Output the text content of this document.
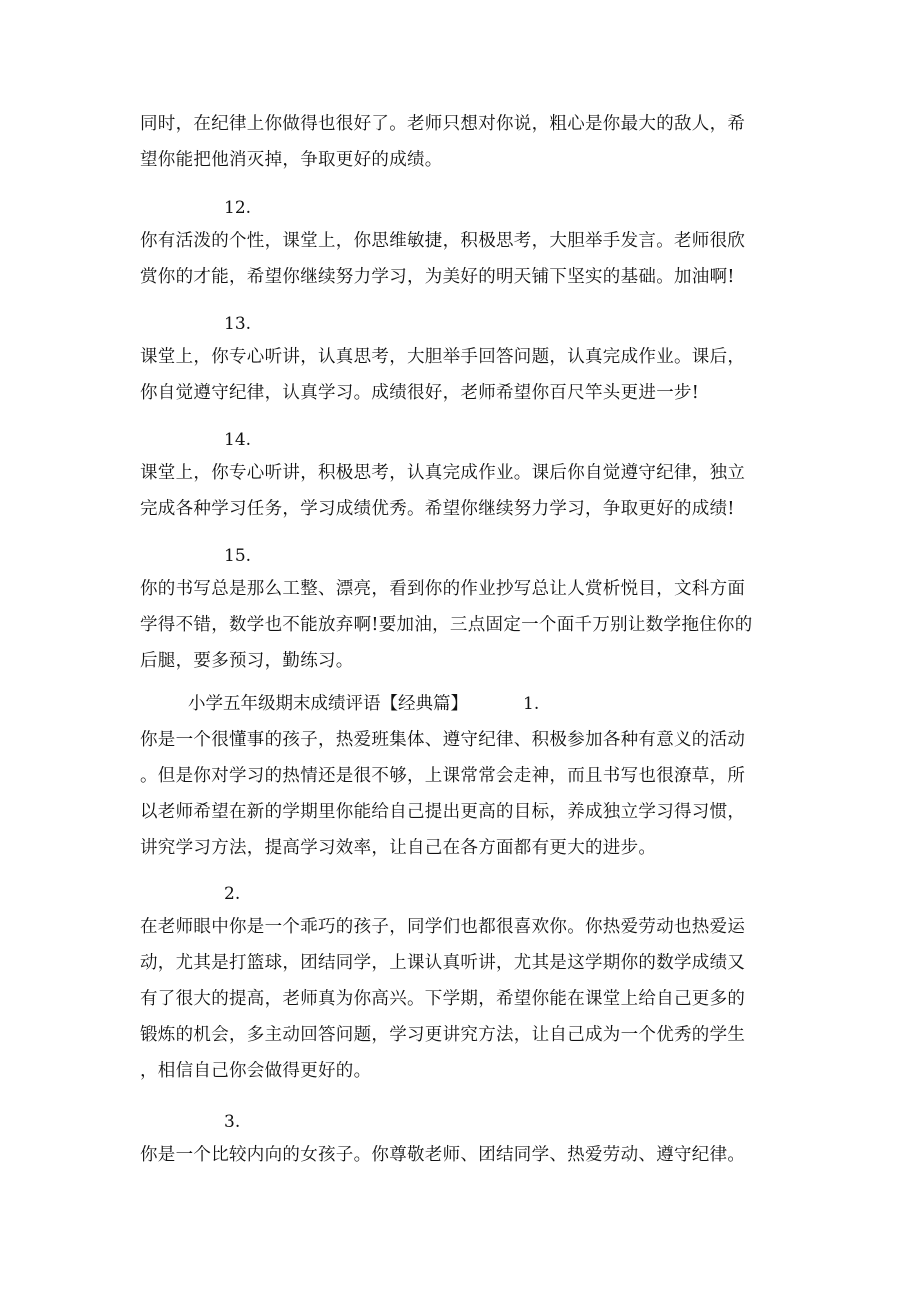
同时，在纪律上你做得也很好了。老师只想对你说，粗心是你最大的敌人，希
望你能把他消灭掉，争取更好的成绩。
12.
你有活泼的个性，课堂上，你思维敏捷，积极思考，大胆举手发言。老师很欣
赏你的才能，希望你继续努力学习，为美好的明天铺下坚实的基础。加油啊!
13.
课堂上，你专心听讲，认真思考，大胆举手回答问题，认真完成作业。课后，
你自觉遵守纪律，认真学习。成绩很好，老师希望你百尺竿头更进一步!
14.
课堂上，你专心听讲，积极思考，认真完成作业。课后你自觉遵守纪律，独立
完成各种学习任务，学习成绩优秀。希望你继续努力学习，争取更好的成绩!
15.
你的书写总是那么工整、漂亮，看到你的作业抄写总让人赏析悦目，文科方面
学得不错，数学也不能放弃啊!要加油，三点固定一个面千万别让数学拖住你的
后腿，要多预习，勤练习。
小学五年级期末成绩评语【经典篇】	1.
你是一个很懂事的孩子，热爱班集体、遵守纪律、积极参加各种有意义的活动
。但是你对学习的热情还是很不够，上课常常会走神，而且书写也很潦草，所
以老师希望在新的学期里你能给自己提出更高的目标，养成独立学习得习惯，
讲究学习方法，提高学习效率，让自己在各方面都有更大的进步。
2.
在老师眼中你是一个乖巧的孩子，同学们也都很喜欢你。你热爱劳动也热爱运
动，尤其是打篮球，团结同学，上课认真听讲，尤其是这学期你的数学成绩又
有了很大的提高，老师真为你高兴。下学期，希望你能在课堂上给自己更多的
锻炼的机会，多主动回答问题，学习更讲究方法，让自己成为一个优秀的学生
，相信自己你会做得更好的。
3.
你是一个比较内向的女孩子。你尊敬老师、团结同学、热爱劳动、遵守纪律。
